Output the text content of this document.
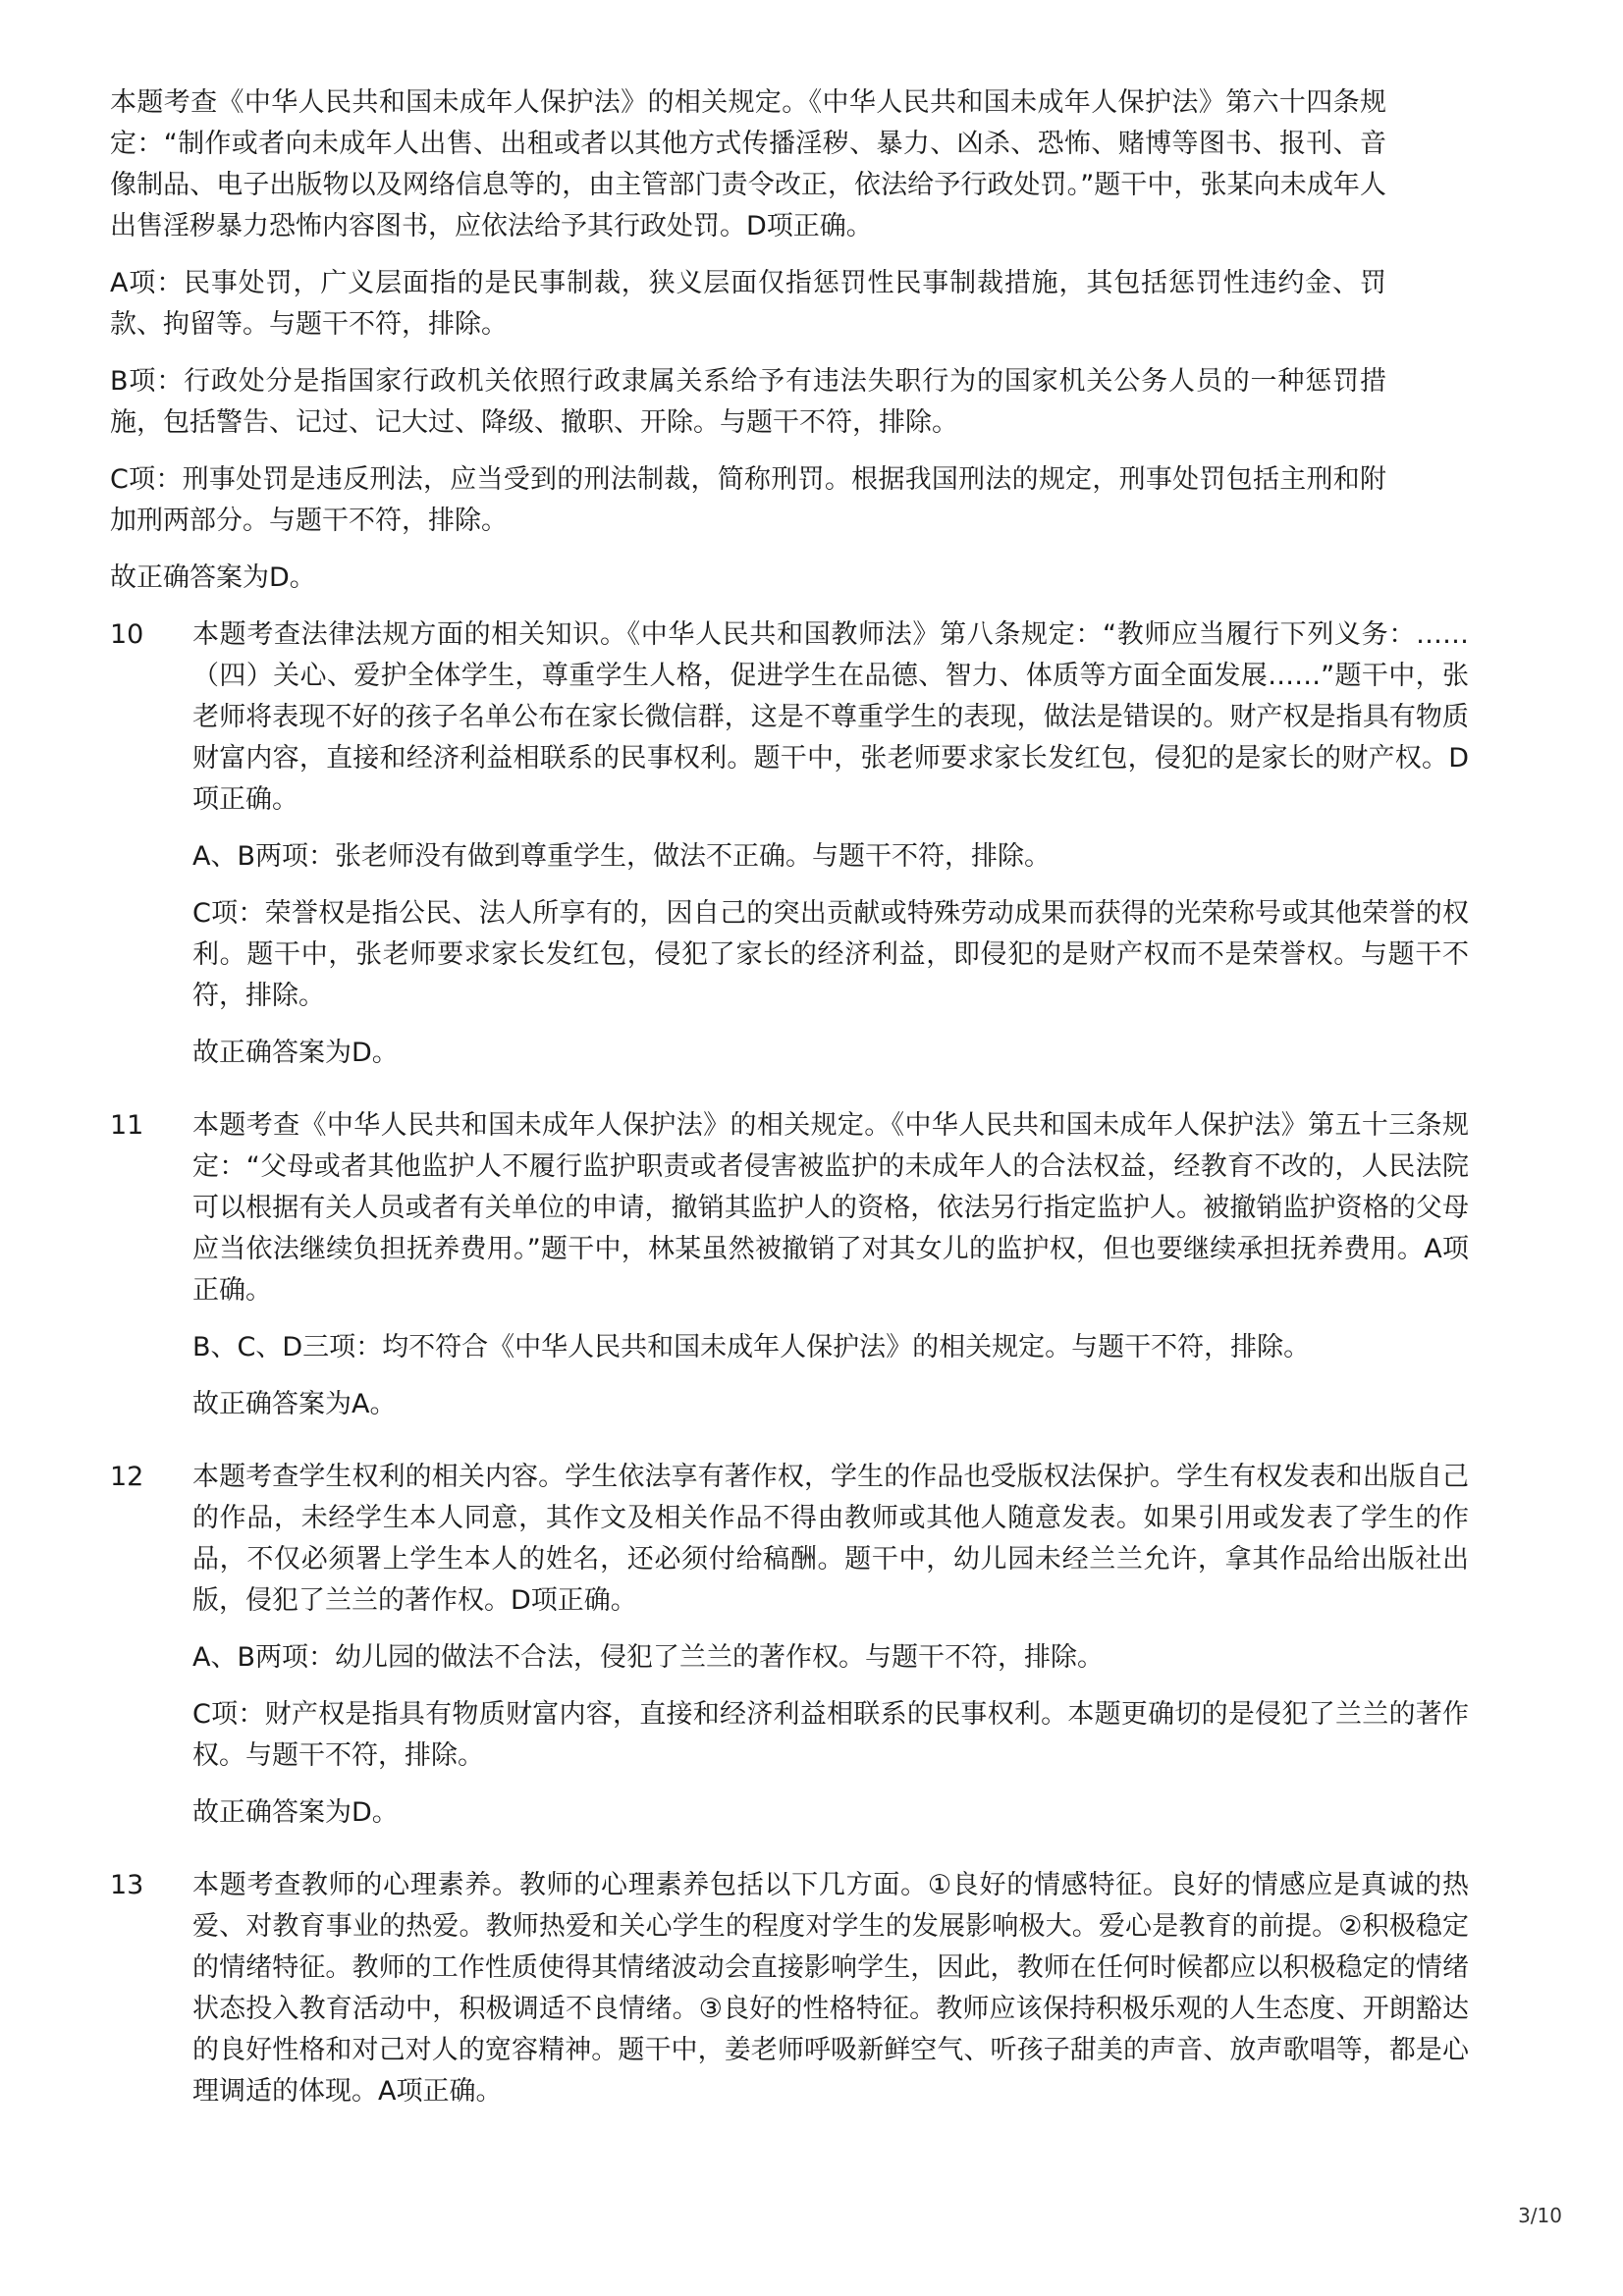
本题考查《中华人民共和国未成年人保护法》的相关规定。《中华人民共和国未成年人保护法》第六十四条规定：“制作或者向未成年人出售、出租或者以其他方式传播淫秽、暴力、凶杀、恐怖、赌博等图书、报刊、音像制品、电子出版物以及网络信息等的，由主管部门责令改正，依法给予行政处罚。”题干中，张某向未成年人出售淫秽暴力恐怖内容图书，应依法给予其行政处罚。D项正确。

A项：民事处罚，广义层面指的是民事制裁，狭义层面仅指惩罚性民事制裁措施，其包括惩罚性违约金、罚款、拘留等。与题干不符，排除。

B项：行政处分是指国家行政机关依照行政隶属关系给予有违法失职行为的国家机关公务人员的一种惩罚措施，包括警告、记过、记大过、降级、撤职、开除。与题干不符，排除。

C项：刑事处罚是违反刑法，应当受到的刑法制裁，简称刑罚。根据我国刑法的规定，刑事处罚包括主刑和附加刑两部分。与题干不符，排除。

故正确答案为D。

10	本题考查法律法规方面的相关知识。《中华人民共和国教师法》第八条规定：“教师应当履行下列义务：……（四）关心、爱护全体学生，尊重学生人格，促进学生在品德、智力、体质等方面全面发展……”题干中，张老师将表现不好的孩子名单公布在家长微信群，这是不尊重学生的表现，做法是错误的。财产权是指具有物质财富内容，直接和经济利益相联系的民事权利。题干中，张老师要求家长发红包，侵犯的是家长的财产权。D项正确。

A、B两项：张老师没有做到尊重学生，做法不正确。与题干不符，排除。

C项：荣誉权是指公民、法人所享有的，因自己的突出贡献或特殊劳动成果而获得的光荣称号或其他荣誉的权利。题干中，张老师要求家长发红包，侵犯了家长的经济利益，即侵犯的是财产权而不是荣誉权。与题干不符，排除。

故正确答案为D。

11	本题考查《中华人民共和国未成年人保护法》的相关规定。《中华人民共和国未成年人保护法》第五十三条规定：“父母或者其他监护人不履行监护职责或者侵害被监护的未成年人的合法权益，经教育不改的，人民法院可以根据有关人员或者有关单位的申请，撤销其监护人的资格，依法另行指定监护人。被撤销监护资格的父母应当依法继续负担抚养费用。”题干中，林某虽然被撤销了对其女儿的监护权，但也要继续承担抚养费用。A项正确。

B、C、D三项：均不符合《中华人民共和国未成年人保护法》的相关规定。与题干不符，排除。

故正确答案为A。

12	本题考查学生权利的相关内容。学生依法享有著作权，学生的作品也受版权法保护。学生有权发表和出版自己的作品，未经学生本人同意，其作文及相关作品不得由教师或其他人随意发表。如果引用或发表了学生的作品，不仅必须署上学生本人的姓名，还必须付给稿酬。题干中，幼儿园未经兰兰允许，拿其作品给出版社出版，侵犯了兰兰的著作权。D项正确。

A、B两项：幼儿园的做法不合法，侵犯了兰兰的著作权。与题干不符，排除。

C项：财产权是指具有物质财富内容，直接和经济利益相联系的民事权利。本题更确切的是侵犯了兰兰的著作权。与题干不符，排除。

故正确答案为D。

13	本题考查教师的心理素养。教师的心理素养包括以下几方面。①良好的情感特征。良好的情感应是真诚的热爱、对教育事业的热爱。教师热爱和关心学生的程度对学生的发展影响极大。爱心是教育的前提。②积极稳定的情绪特征。教师的工作性质使得其情绪波动会直接影响学生，因此，教师在任何时候都应以积极稳定的情绪状态投入教育活动中，积极调适不良情绪。③良好的性格特征。教师应该保持积极乐观的人生态度、开朗豁达的良好性格和对己对人的宽容精神。题干中，姜老师呼吸新鲜空气、听孩子甜美的声音、放声歌唱等，都是心理调适的体现。A项正确。

3/10
